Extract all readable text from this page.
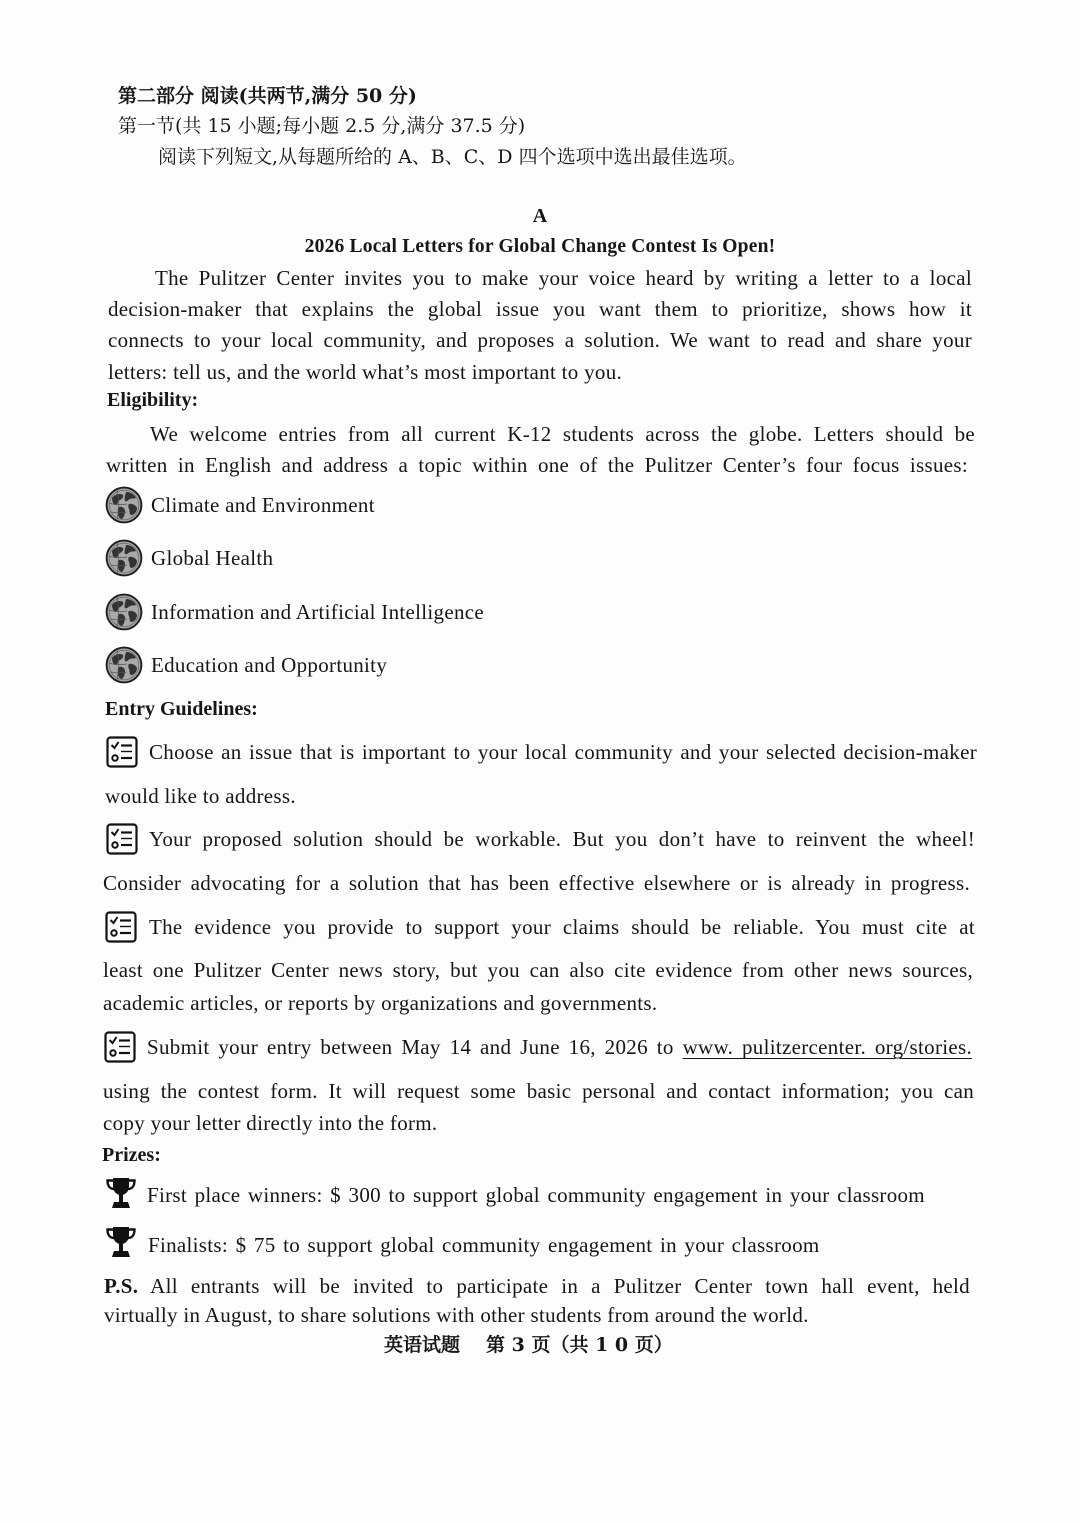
第二部分 阅读(共两节,满分 50 分)
第一节(共 15 小题;每小题 2.5 分,满分 37.5 分)
阅读下列短文,从每题所给的 A、B、C、D 四个选项中选出最佳选项。
A
2026 Local Letters for Global Change Contest Is Open!
The Pulitzer Center invites you to make your voice heard by writing a letter to a local
decision-maker that explains the global issue you want them to prioritize, shows how it
connects to your local community, and proposes a solution. We want to read and share your
letters: tell us, and the world what’s most important to you.
Eligibility:
We welcome entries from all current K-12 students across the globe. Letters should be
written in English and address a topic within one of the Pulitzer Center’s four focus issues:
Climate and Environment
Global Health
Information and Artificial Intelligence
Education and Opportunity
Entry Guidelines:
Choose an issue that is important to your local community and your selected decision-maker
would like to address.
Your proposed solution should be workable. But you don’t have to reinvent the wheel!
Consider advocating for a solution that has been effective elsewhere or is already in progress.
The evidence you provide to support your claims should be reliable. You must cite at
least one Pulitzer Center news story, but you can also cite evidence from other news sources,
academic articles, or reports by organizations and governments.
Submit your entry between May 14 and June 16, 2026 to www. pulitzercenter. org/stories.
using the contest form. It will request some basic personal and contact information; you can
copy your letter directly into the form.
Prizes:
First place winners: $ 300 to support global community engagement in your classroom
Finalists: $ 75 to support global community engagement in your classroom
P.S. All entrants will be invited to participate in a Pulitzer Center town hall event, held
virtually in August, to share solutions with other students from around the world.
英语试题 第 3 页（共 1 0 页）
